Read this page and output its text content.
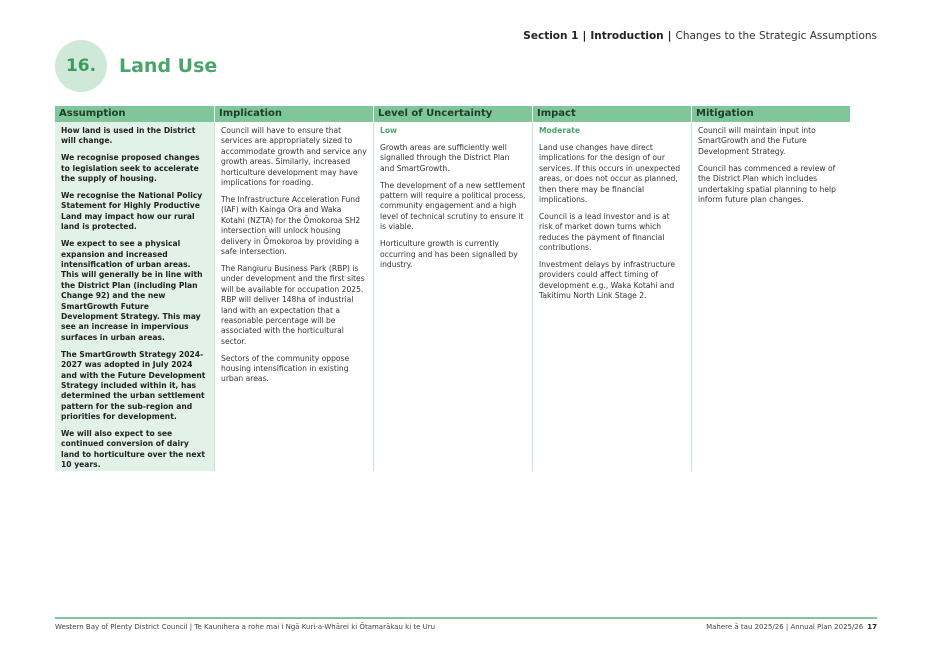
Section 1 | Introduction | Changes to the Strategic Assumptions
16. Land Use
Assumption

How land is used in the District will change.

We recognise proposed changes to legislation seek to accelerate the supply of housing.

We recognise the National Policy Statement for Highly Productive Land may impact how our rural land is protected.

We expect to see a physical expansion and increased intensification of urban areas. This will generally be in line with the District Plan (including Plan Change 92) and the new SmartGrowth Future Development Strategy. This may see an increase in impervious surfaces in urban areas.

The SmartGrowth Strategy 2024-2027 was adopted in July 2024 and with the Future Development Strategy included within it, has determined the urban settlement pattern for the sub-region and priorities for development.

We will also expect to see continued conversion of dairy land to horticulture over the next 10 years.

Implication

Council will have to ensure that services are appropriately sized to accommodate growth and service any growth areas. Similarly, increased horticulture development may have implications for roading.

The Infrastructure Acceleration Fund (IAF) with Kainga Ora and Waka Kotahi (NZTA) for the Ōmokoroa SH2 intersection will unlock housing delivery in Ōmokoroa by providing a safe intersection.

The Rangiuru Business Park (RBP) is under development and the first sites will be available for occupation 2025. RBP will deliver 148ha of industrial land with an expectation that a reasonable percentage will be associated with the horticultural sector.

Sectors of the community oppose housing intensification in existing urban areas.

Level of Uncertainty

Low

Growth areas are sufficiently well signalled through the District Plan and SmartGrowth.

The development of a new settlement pattern will require a political process, community engagement and a high level of technical scrutiny to ensure it is viable.

Horticulture growth is currently occurring and has been signalled by industry.

Impact

Moderate

Land use changes have direct implications for the design of our services. If this occurs in unexpected areas, or does not occur as planned, then there may be financial implications.

Council is a lead investor and is at risk of market down turns which reduces the payment of financial contributions.

Investment delays by infrastructure providers could affect timing of development e.g., Waka Kotahi and Takitimu North Link Stage 2.

Mitigation

Council will maintain input into SmartGrowth and the Future Development Strategy.

Council has commenced a review of the District Plan which includes undertaking spatial planning to help inform future plan changes.

Western Bay of Plenty District Council | Te Kaunihera a rohe mai i Ngā Kuri-a-Whārei ki Ōtamarākau ki te Uru	Mahere ā tau 2025/26 | Annual Plan 2025/26 17
